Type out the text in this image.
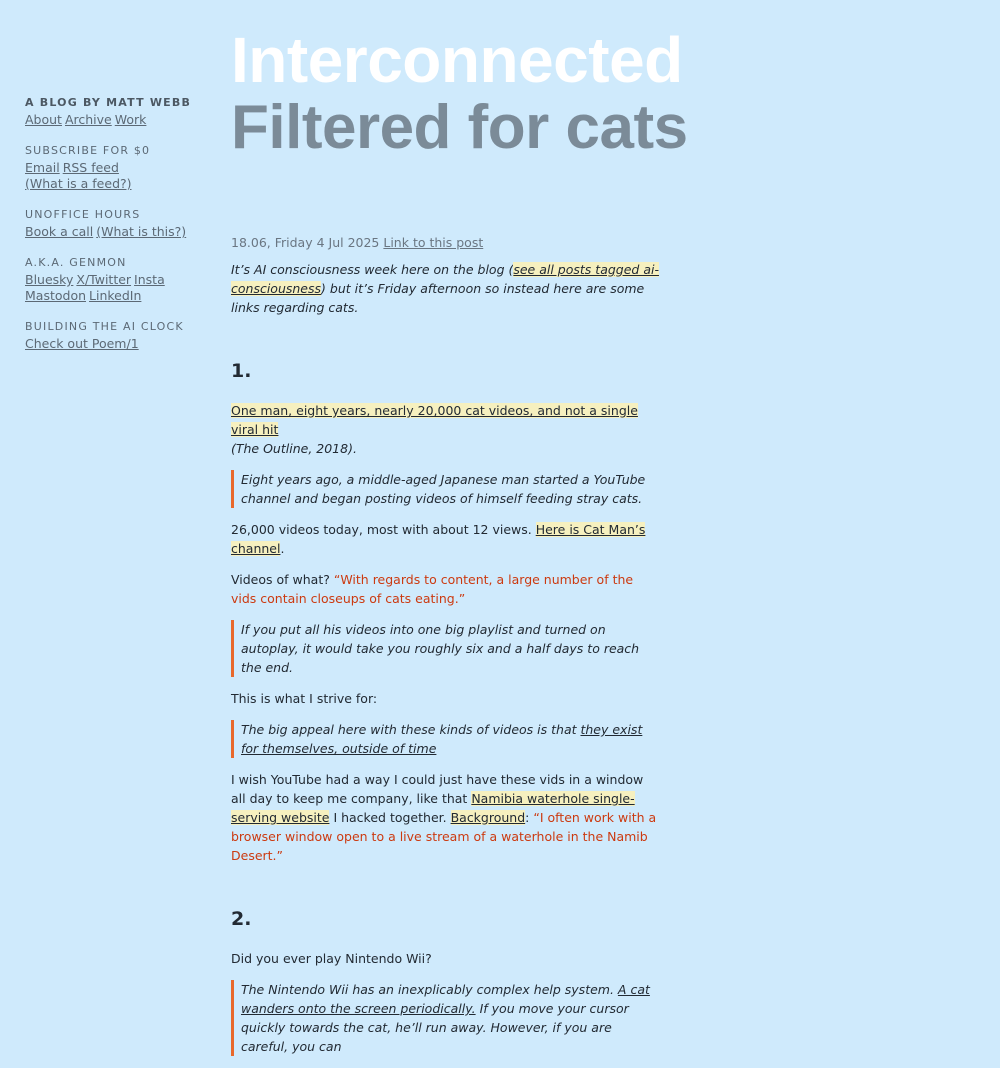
A BLOG BY MATT WEBB
About Archive Work
SUBSCRIBE FOR $0
Email RSS feed
(What is a feed?)
UNOFFICE HOURS
Book a call (What is this?)
A.K.A. GENMON
Bluesky X/Twitter Insta
Mastodon LinkedIn
BUILDING THE AI CLOCK
Check out Poem/1
Interconnected
Filtered for cats

18.06, Friday 4 Jul 2025 Link to this post

It’s AI consciousness week here on the blog (see all posts tagged ai-consciousness) but it’s Friday afternoon so instead here are some links regarding cats.

1.

One man, eight years, nearly 20,000 cat videos, and not a single viral hit
(The Outline, 2018).

Eight years ago, a middle-aged Japanese man started a YouTube channel and began posting videos of himself feeding stray cats.

26,000 videos today, most with about 12 views. Here is Cat Man’s channel.

Videos of what? “With regards to content, a large number of the vids contain closeups of cats eating.”

If you put all his videos into one big playlist and turned on autoplay, it would take you roughly six and a half days to reach the end.

This is what I strive for:

The big appeal here with these kinds of videos is that they exist for themselves, outside of time

I wish YouTube had a way I could just have these vids in a window all day to keep me company, like that Namibia waterhole single-serving website I hacked together. Background: “I often work with a browser window open to a live stream of a waterhole in the Namib Desert.”

2.

Did you ever play Nintendo Wii?

The Nintendo Wii has an inexplicably complex help system. A cat wanders onto the screen periodically. If you move your cursor quickly towards the cat, he’ll run away. However, if you are careful, you can
